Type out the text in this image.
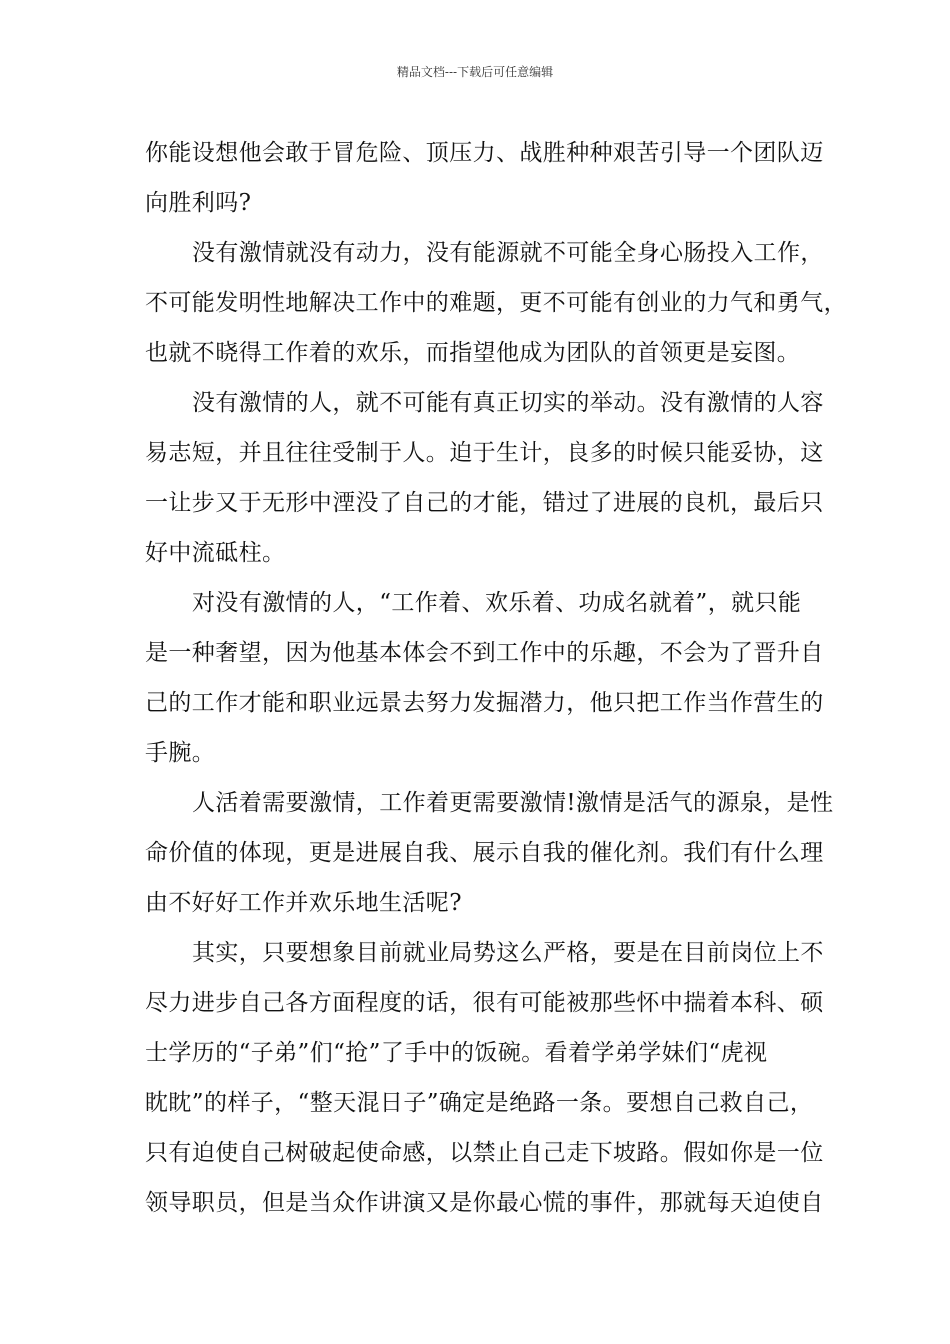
精品文档---下载后可任意编辑
你能设想他会敢于冒危险、顶压力、战胜种种艰苦引导一个团队迈
向胜利吗?
没有激情就没有动力，没有能源就不可能全身心肠投入工作，
不可能发明性地解决工作中的难题，更不可能有创业的力气和勇气，
也就不晓得工作着的欢乐，而指望他成为团队的首领更是妄图。
没有激情的人，就不可能有真正切实的举动。没有激情的人容
易志短，并且往往受制于人。迫于生计，良多的时候只能妥协，这
一让步又于无形中湮没了自己的才能，错过了进展的良机，最后只
好中流砥柱。
对没有激情的人，“工作着、欢乐着、功成名就着”，就只能
是一种奢望，因为他基本体会不到工作中的乐趣，不会为了晋升自
己的工作才能和职业远景去努力发掘潜力，他只把工作当作营生的
手腕。
人活着需要激情，工作着更需要激情!激情是活气的源泉，是性
命价值的体现，更是进展自我、展示自我的催化剂。我们有什么理
由不好好工作并欢乐地生活呢?
其实，只要想象目前就业局势这么严格，要是在目前岗位上不
尽力进步自己各方面程度的话，很有可能被那些怀中揣着本科、硕
士学历的“子弟”们“抢”了手中的饭碗。看着学弟学妹们“虎视
眈眈”的样子，“整天混日子”确定是绝路一条。要想自己救自己，
只有迫使自己树破起使命感，以禁止自己走下坡路。假如你是一位
领导职员，但是当众作讲演又是你最心慌的事件，那就每天迫使自
